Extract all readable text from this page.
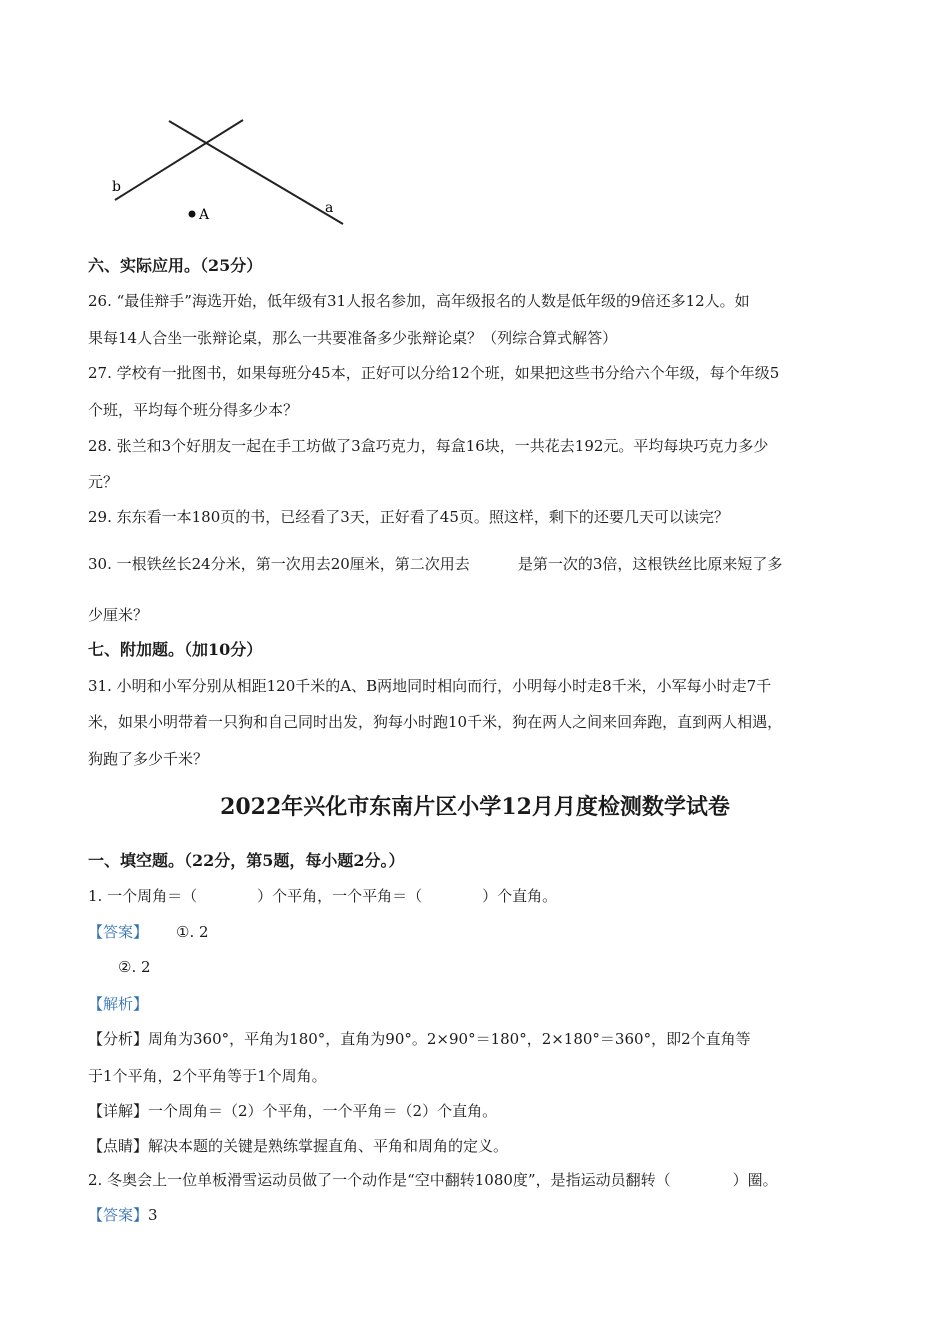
b
a
A
六、实际应用。（25分）
26. “最佳辩手”海选开始，低年级有31人报名参加，高年级报名的人数是低年级的9倍还多12人。如
果每14人合坐一张辩论桌，那么一共要准备多少张辩论桌？（列综合算式解答）
27. 学校有一批图书，如果每班分45本，正好可以分给12个班，如果把这些书分给六个年级，每个年级5
个班，平均每个班分得多少本？
28. 张兰和3个好朋友一起在手工坊做了3盒巧克力，每盒16块，一共花去192元。平均每块巧克力多少
元？
29. 东东看一本180页的书，已经看了3天，正好看了45页。照这样，剩下的还要几天可以读完？
30. 一根铁丝长24分米，第一次用去20厘米，第二次用去	是第一次的3倍，这根铁丝比原来短了多
少厘米？
七、附加题。（加10分）
31. 小明和小军分别从相距120千米的A、B两地同时相向而行，小明每小时走8千米，小军每小时走7千
米，如果小明带着一只狗和自己同时出发，狗每小时跑10千米，狗在两人之间来回奔跑，直到两人相遇，
狗跑了多少千米？
2022年兴化市东南片区小学12月月度检测数学试卷
一、填空题。（22分，第5题，每小题2分。）
1. 一个周角＝（	）个平角，一个平角＝（	）个直角。
【答案】 ①. 2
②. 2
【解析】
【分析】周角为360°，平角为180°，直角为90°。2×90°＝180°，2×180°＝360°，即2个直角等
于1个平角，2个平角等于1个周角。
【详解】一个周角＝（2）个平角，一个平角＝（2）个直角。
【点睛】解决本题的关键是熟练掌握直角、平角和周角的定义。
2. 冬奥会上一位单板滑雪运动员做了一个动作是“空中翻转1080度”，是指运动员翻转（	）圈。
【答案】3
